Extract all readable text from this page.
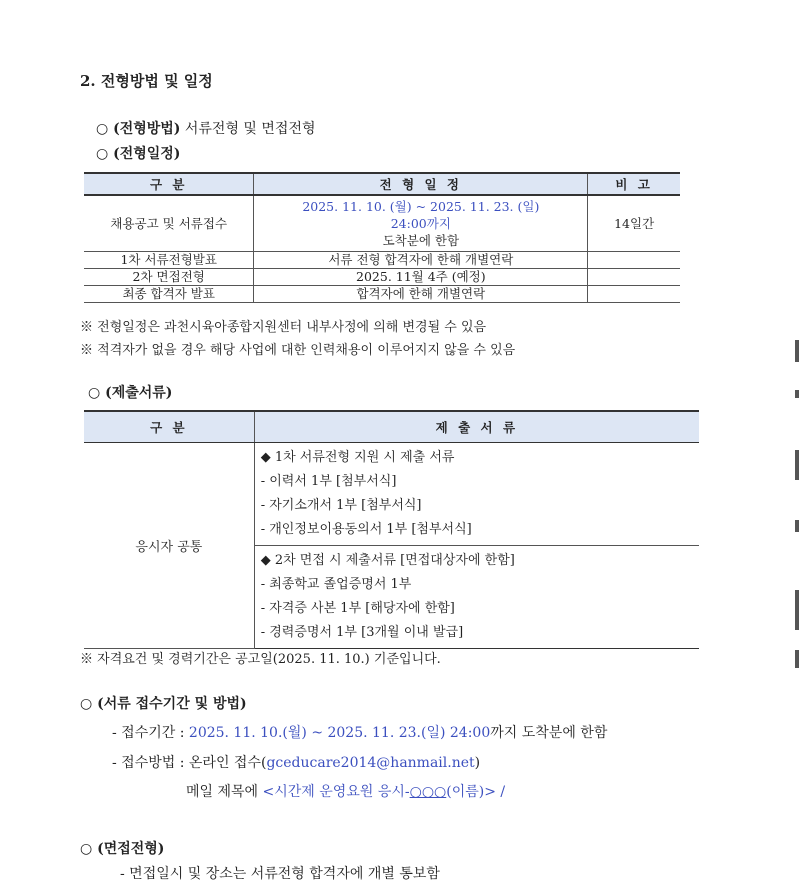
2. 전형방법 및 일정
○ (전형방법) 서류전형 및 면접전형
○ (전형일정)
구 분	전 형 일 정	비 고
채용공고 및 서류접수	2025. 11. 10. (월) ~ 2025. 11. 23. (일)
24:00까지
도착분에 한함	14일간
1차 서류전형발표	서류 전형 합격자에 한해 개별연락	
2차 면접전형	2025. 11월 4주 (예정)	
최종 합격자 발표	합격자에 한해 개별연락	
※ 전형일정은 과천시육아종합지원센터 내부사정에 의해 변경될 수 있음
※ 적격자가 없을 경우 해당 사업에 대한 인력채용이 이루어지지 않을 수 있음
○ (제출서류)
구 분	제 출 서 류
응시자 공통	◆ 1차 서류전형 지원 시 제출 서류
- 이력서 1부 [첨부서식]
- 자기소개서 1부 [첨부서식]
- 개인정보이용동의서 1부 [첨부서식]

	◆ 2차 면접 시 제출서류 [면접대상자에 한함]
- 최종학교 졸업증명서 1부
- 자격증 사본 1부 [해당자에 한함]
- 경력증명서 1부 [3개월 이내 발급]
※ 자격요건 및 경력기간은 공고일(2025. 11. 10.) 기준입니다.
○ (서류 접수기간 및 방법)
- 접수기간 : 2025. 11. 10.(월) ~ 2025. 11. 23.(일) 24:00까지 도착분에 한함
- 접수방법 : 온라인 접수(gceducare2014@hanmail.net)
메일 제목에 <시간제 운영요원 응시-○○○(이름)> /
○ (면접전형)
- 면접일시 및 장소는 서류전형 합격자에 개별 통보함
